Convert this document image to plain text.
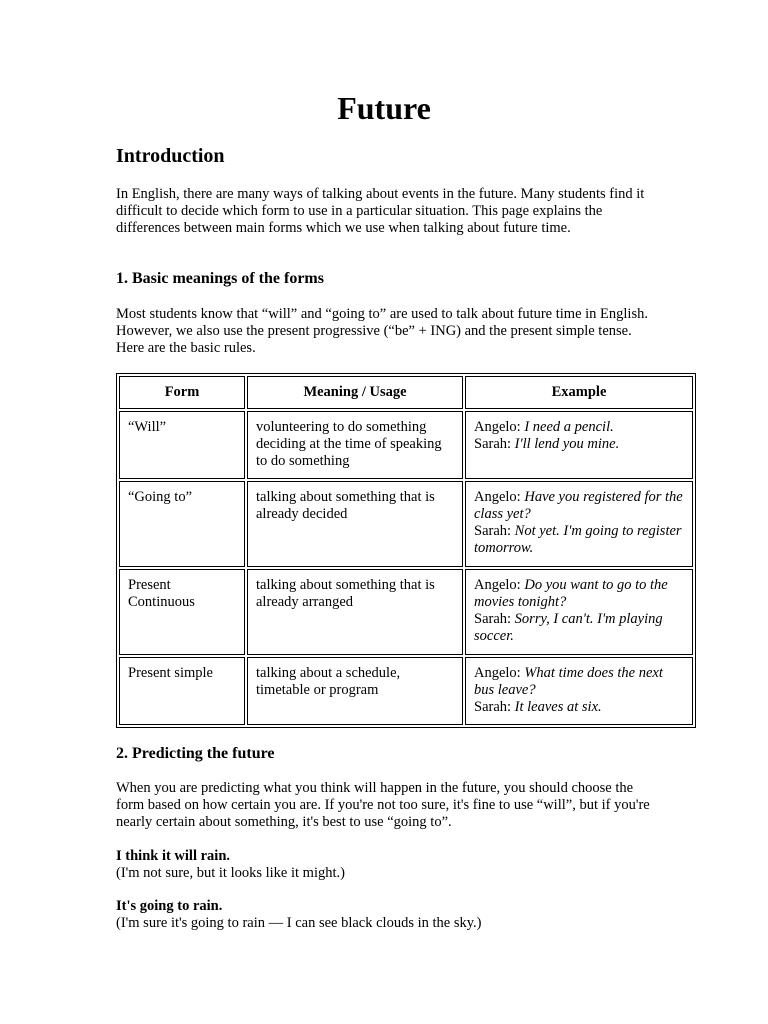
Future
Introduction

In English, there are many ways of talking about events in the future. Many students find it difficult to decide which form to use in a particular situation. This page explains the differences between main forms which we use when talking about future time.

1. Basic meanings of the forms

Most students know that “will” and “going to” are used to talk about future time in English. However, we also use the present progressive (“be” + ING) and the present simple tense. Here are the basic rules.

Form	Meaning / Usage	Example
“Will”	volunteering to do something deciding at the time of speaking to do something	Angelo: I need a pencil.
Sarah: I'll lend you mine.
“Going to”	talking about something that is already decided	Angelo: Have you registered for the class yet?
Sarah: Not yet. I'm going to register tomorrow.
Present Continuous	talking about something that is already arranged	Angelo: Do you want to go to the movies tonight?
Sarah: Sorry, I can't. I'm playing soccer.
Present simple	talking about a schedule, timetable or program	Angelo: What time does the next bus leave?
Sarah: It leaves at six.
2. Predicting the future

When you are predicting what you think will happen in the future, you should choose the form based on how certain you are. If you're not too sure, it's fine to use “will”, but if you're nearly certain about something, it's best to use “going to”.

I think it will rain.
(I'm not sure, but it looks like it might.)
It's going to rain.
(I'm sure it's going to rain — I can see black clouds in the sky.)
